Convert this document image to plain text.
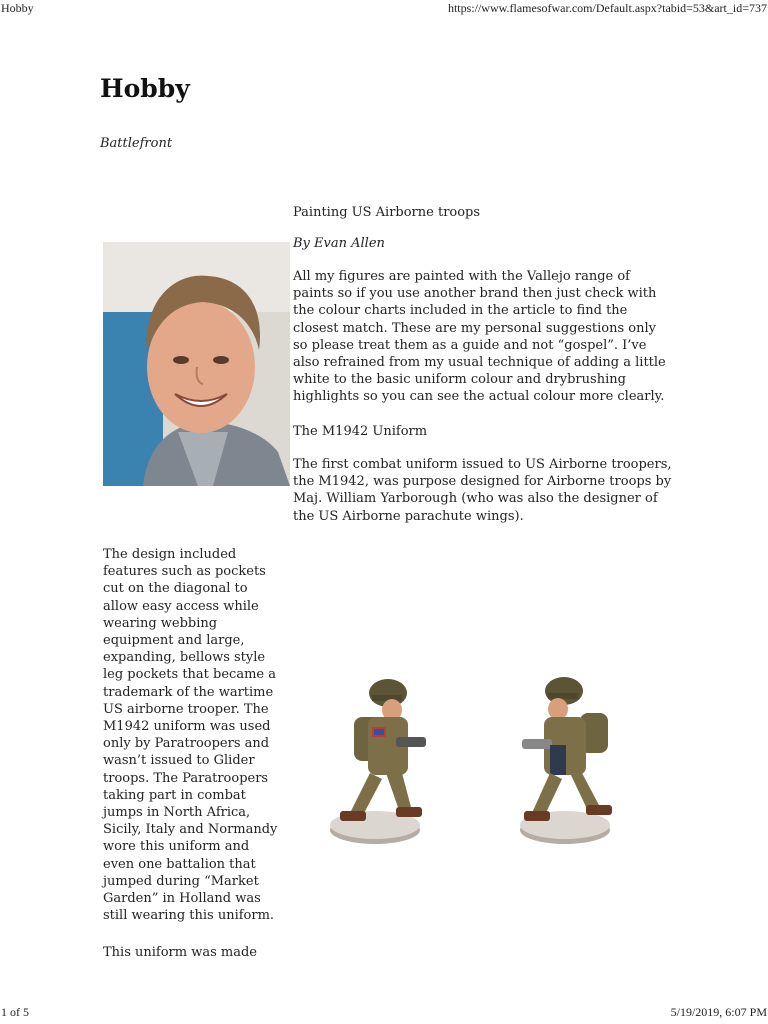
Hobby	https://www.flamesofwar.com/Default.aspx?tabid=53&art_id=737
Hobby
Battlefront
Painting US Airborne troops
By Evan Allen

All my figures are painted with the Vallejo range of paints so if you use another brand then just check with the colour charts included in the article to find the closest match. These are my personal suggestions only so please treat them as a guide and not “gospel”. I’ve also refrained from my usual technique of adding a little white to the basic uniform colour and drybrushing highlights so you can see the actual colour more clearly.

The M1942 Uniform

The first combat uniform issued to US Airborne troopers, the M1942, was purpose designed for Airborne troops by Maj. William Yarborough (who was also the designer of the US Airborne parachute wings).

The design included features such as pockets cut on the diagonal to allow easy access while wearing webbing equipment and large, expanding, bellows style leg pockets that became a trademark of the wartime US airborne trooper. The M1942 uniform was used only by Paratroopers and wasn’t issued to Glider troops. The Paratroopers taking part in combat jumps in North Africa, Sicily, Italy and Normandy wore this uniform and even one battalion that jumped during “Market Garden” in Holland was still wearing this uniform.

This uniform was made

1 of 5	5/19/2019, 6:07 PM
